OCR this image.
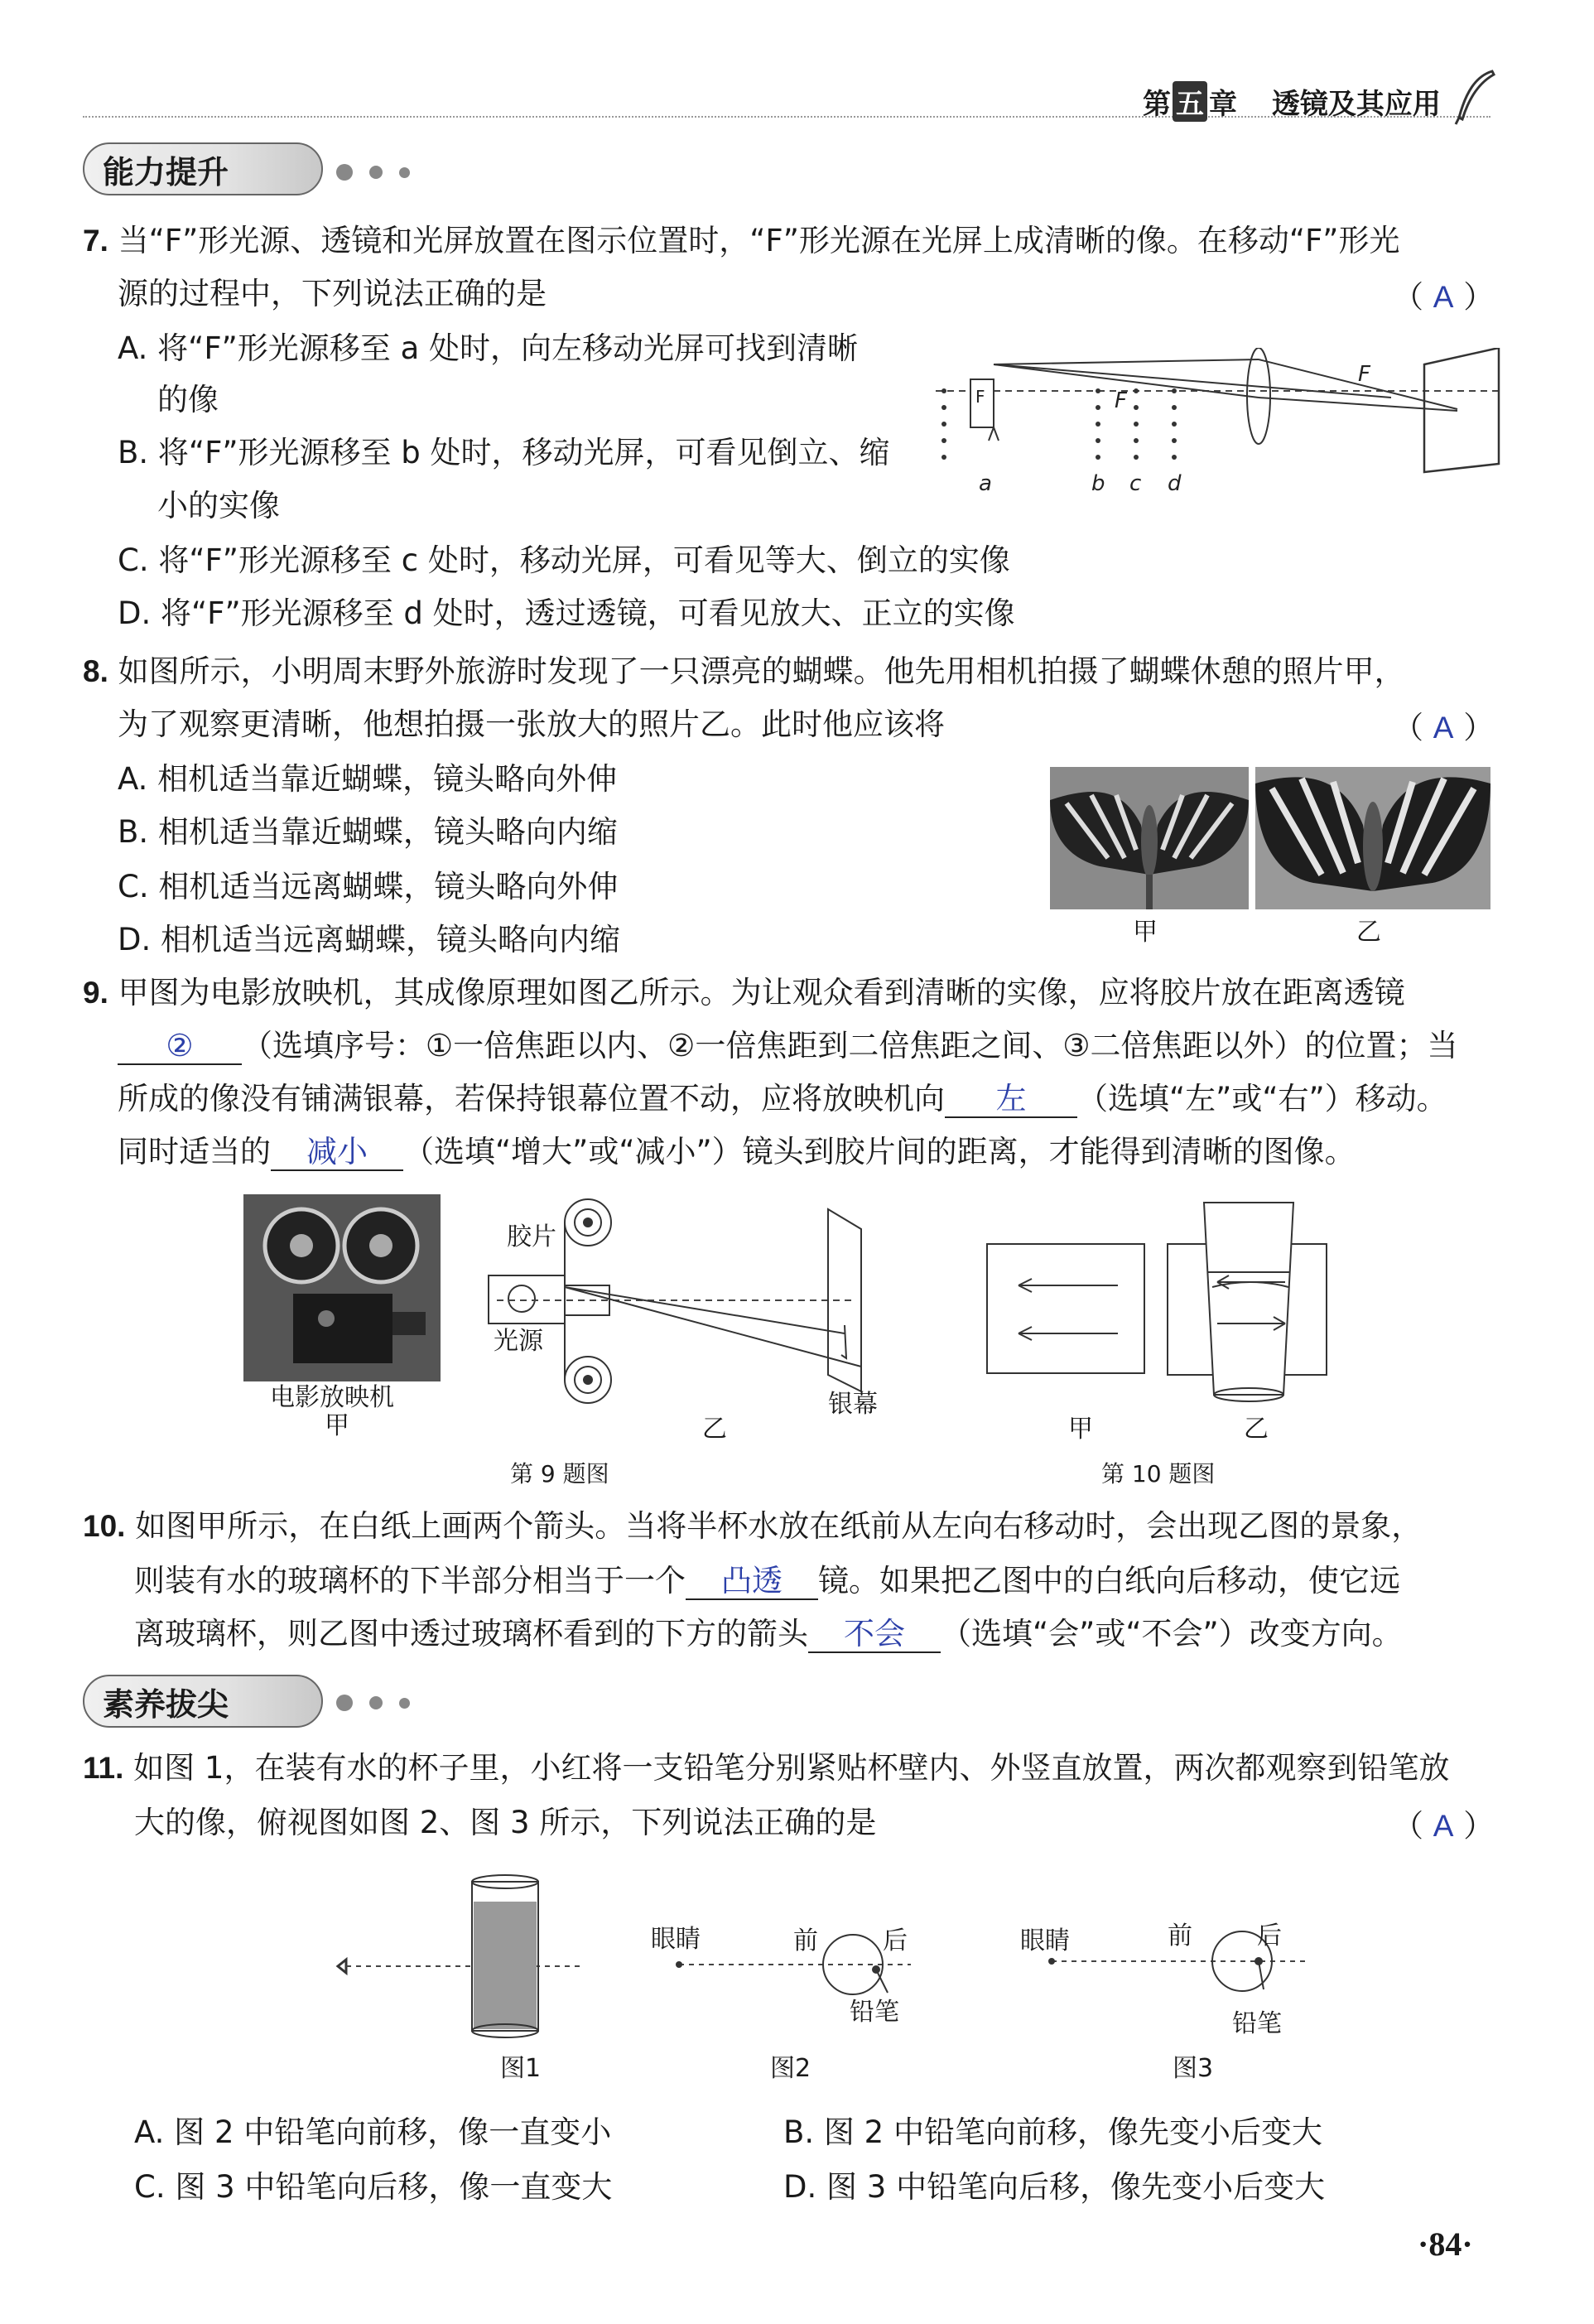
第 五 章 透镜及其应用
能力提升
7. 当“F”形光源、透镜和光屏放置在图示位置时，“F”形光源在光屏上成清晰的像。在移动“F”形光
源的过程中，下列说法正确的是	（ A ）
A. 将“F”形光源移至 a 处时，向左移动光屏可找到清晰
的像
B. 将“F”形光源移至 b 处时，移动光屏，可看见倒立、缩
小的实像
C. 将“F”形光源移至 c 处时，移动光屏，可看见等大、倒立的实像
D. 将“F”形光源移至 d 处时，透过透镜，可看见放大、正立的实像
F
F
F
a	b c d
8. 如图所示，小明周末野外旅游时发现了一只漂亮的蝴蝶。他先用相机拍摄了蝴蝶休憩的照片甲，
为了观察更清晰，他想拍摄一张放大的照片乙。此时他应该将	（ A ）
A. 相机适当靠近蝴蝶，镜头略向外伸
B. 相机适当靠近蝴蝶，镜头略向内缩
C. 相机适当远离蝴蝶，镜头略向外伸
D. 相机适当远离蝴蝶，镜头略向内缩	甲	乙
9. 甲图为电影放映机，其成像原理如图乙所示。为让观众看到清晰的实像，应将胶片放在距离透镜
② （选填序号：①一倍焦距以内、②一倍焦距到二倍焦距之间、③二倍焦距以外）的位置；当
所成的像没有铺满银幕，若保持银幕位置不动，应将放映机向 左 （选填“左”或“右”）移动。
同时适当的 减小 （选填“增大”或“减小”）镜头到胶片间的距离，才能得到清晰的图像。
电影放映机
甲
胶片
光源
银幕
乙
第 9 题图
甲	乙
第 10 题图
10. 如图甲所示，在白纸上画两个箭头。当将半杯水放在纸前从左向右移动时，会出现乙图的景象，
则装有水的玻璃杯的下半部分相当于一个 凸透 镜。如果把乙图中的白纸向后移动，使它远
离玻璃杯，则乙图中透过玻璃杯看到的下方的箭头 不会 （选填“会”或“不会”）改变方向。
素养拔尖
11. 如图 1，在装有水的杯子里，小红将一支铅笔分别紧贴杯壁内、外竖直放置，两次都观察到铅笔放
大的像，俯视图如图 2、图 3 所示，下列说法正确的是	（ A ）
图1
眼睛	前	后
铅笔
图2
眼睛	前	后
铅笔
图3
A. 图 2 中铅笔向前移，像一直变小	B. 图 2 中铅笔向前移，像先变小后变大
C. 图 3 中铅笔向后移，像一直变大	D. 图 3 中铅笔向后移，像先变小后变大
·84·
